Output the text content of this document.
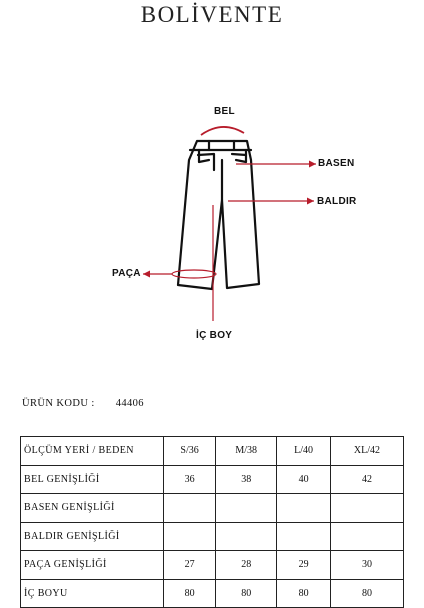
BOLİVENTE
BEL
BASEN
BALDIR
PAÇA
İÇ BOY
ÜRÜN KODU : 44406
ÖLÇÜM YERİ / BEDEN	S/36	M/38	L/40	XL/42
BEL GENİŞLİĞİ	36	38	40	42
BASEN GENİŞLİĞİ				
BALDIR GENİŞLİĞİ				
PAÇA GENİŞLİĞİ	27	28	29	30
İÇ BOYU	80	80	80	80
